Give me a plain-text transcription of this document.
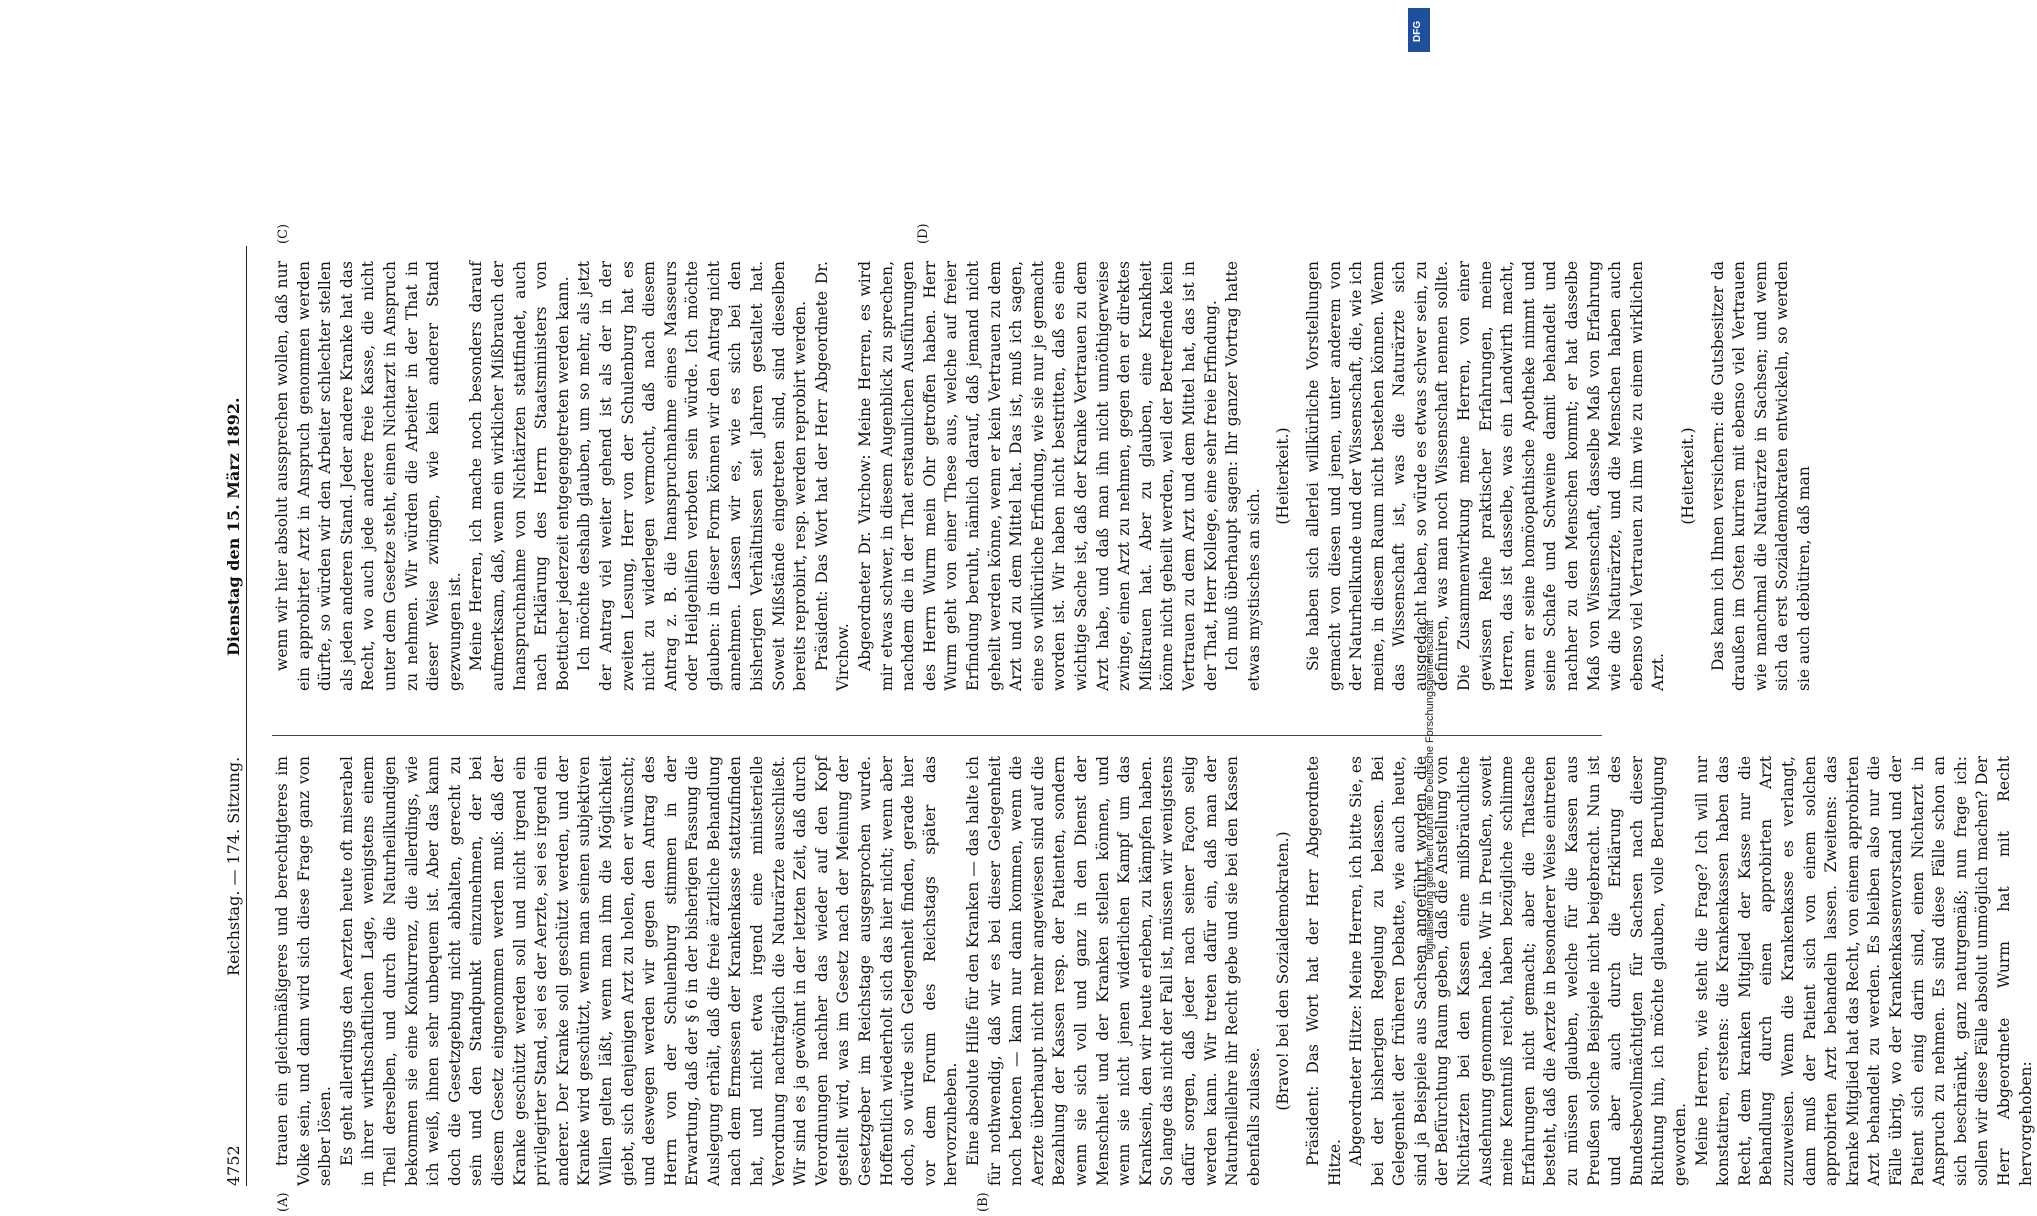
4752
Reichstag. — 174. Sitzung.
Dienstag den 15. März 1892.
(A)	(B)
(C)	(D)

trauen ein gleichmäßigeres und berechtigteres im Volke sein, und dann wird sich diese Frage ganz von selber lösen. Es geht allerdings den Aerzten heute oft miserabel in ihrer wirthschaftlichen Lage, wenigstens einem Theil derselben, und durch die Naturheilkundigen bekommen sie eine Konkurrenz, die allerdings, wie ich weiß, ihnen sehr unbequem ist. Aber das kann doch die Gesetzgebung nicht abhalten, gerecht zu sein und den Standpunkt einzunehmen, der bei diesem Gesetz eingenommen werden muß: daß der Kranke geschützt werden soll und nicht irgend ein privilegirter Stand, sei es der Aerzte, sei es irgend ein anderer. Der Kranke soll geschützt werden, und der Kranke wird geschützt, wenn man seinen subjektiven Willen gelten läßt, wenn man ihm die Möglichkeit giebt, sich denjenigen Arzt zu holen, den er wünscht; und deswegen werden wir gegen den Antrag des Herrn von der Schulenburg stimmen in der Erwartung, daß der § 6 in der bisherigen Fassung die Auslegung erhält, daß die freie ärztliche Behandlung nach dem Ermessen der Krankenkasse stattzufinden hat, und nicht etwa irgend eine ministerielle Verordnung nachträglich die Naturärzte ausschließt. Wir sind es ja gewöhnt in der letzten Zeit, daß durch Verordnungen nachher das wieder auf den Kopf gestellt wird, was im Gesetz nach der Meinung der Gesetzgeber im Reichstage ausgesprochen wurde. Hoffentlich wiederholt sich das hier nicht; wenn aber doch, so würde sich Gelegenheit finden, gerade hier vor dem Forum des Reichstags später das hervorzuheben. Eine absolute Hilfe für den Kranken — das halte ich für nothwendig, daß wir es bei dieser Gelegenheit noch betonen — kann nur dann kommen, wenn die Aerzte überhaupt nicht mehr angewiesen sind auf die Bezahlung der Kassen resp. der Patienten, sondern wenn sie sich voll und ganz in den Dienst der Menschheit und der Kranken stellen können, und wenn sie nicht jenen widerlichen Kampf um das Kranksein, den wir heute erleben, zu kämpfen haben. So lange das nicht der Fall ist, müssen wir wenigstens dafür sorgen, daß jeder nach seiner Façon selig werden kann. Wir treten dafür ein, daß man der Naturheillehre ihr Recht gebe und sie bei den Kassen ebenfalls zulasse.

(Bravo! bei den Sozialdemokraten.) Präsident: Das Wort hat der Herr Abgeordnete Hitze. Abgeordneter Hitze: Meine Herren, ich bitte Sie, es bei der bisherigen Regelung zu belassen. Bei Gelegenheit der früheren Debatte, wie auch heute, sind ja Beispiele aus Sachsen angeführt worden, die der Befürchtung Raum geben, daß die Anstellung von Nichtärzten bei den Kassen eine mißbräuchliche Ausdehnung genommen habe. Wir in Preußen, soweit meine Kenntniß reicht, haben bezügliche schlimme Erfahrungen nicht gemacht; aber die Thatsache besteht, daß die Aerzte in besonderer Weise eintreten zu müssen glauben, welche für die Kassen aus Preußen solche Beispiele nicht beigebracht. Nun ist und aber auch durch die Erklärung des Bundesbevollmächtigten für Sachsen nach dieser Richtung hin, ich möchte glauben, volle Beruhigung geworden. Meine Herren, wie steht die Frage? Ich will nur konstatiren, erstens: die Krankenkassen haben das Recht, dem kranken Mitglied der Kasse nur die Behandlung durch einen approbirten Arzt zuzuweisen. Wenn die Krankenkasse es verlangt, dann muß der Patient sich von einem solchen approbirten Arzt behandeln lassen. Zweitens: das kranke Mitglied hat das Recht, von einem approbirten Arzt behandelt zu werden. Es bleiben also nur die Fälle übrig, wo der Krankenkassenvorstand und der Patient sich einig darin sind, einen Nichtarzt in Anspruch zu nehmen. Es sind diese Fälle schon an sich beschränkt, ganz naturgemäß; nun frage ich: sollen wir diese Fälle absolut unmöglich machen? Der Herr Abgeordnete Wurm hat mit Recht hervorgehoben:

wenn wir hier absolut aussprechen wollen, daß nur ein approbirter Arzt in Anspruch genommen werden dürfte, so würden wir den Arbeiter schlechter stellen als jeden anderen Stand. Jeder andere Kranke hat das Recht, wo auch jede andere freie Kasse, die nicht unter dem Gesetze steht, einen Nichtarzt in Anspruch zu nehmen. Wir würden die Arbeiter in der That in dieser Weise zwingen, wie kein anderer Stand gezwungen ist. Meine Herren, ich mache noch besonders darauf aufmerksam, daß, wenn ein wirklicher Mißbrauch der Inanspruchnahme von Nichtärzten stattfindet, auch nach Erklärung des Herrn Staatsministers von Boetticher jederzeit entgegengetreten werden kann. Ich möchte deshalb glauben, um so mehr, als jetzt der Antrag viel weiter gehend ist als der in der zweiten Lesung, Herr von der Schulenburg hat es nicht zu widerlegen vermocht, daß nach diesem Antrag z. B. die Inanspruchnahme eines Masseurs oder Heilgehilfen verboten sein würde. Ich möchte glauben: in dieser Form können wir den Antrag nicht annehmen. Lassen wir es, wie es sich bei den bisherigen Verhältnissen seit Jahren gestaltet hat. Soweit Mißstände eingetreten sind, sind dieselben bereits reprobirt, resp. werden reprobirt werden. Präsident: Das Wort hat der Herr Abgeordnete Dr. Virchow. Abgeordneter Dr. Virchow: Meine Herren, es wird mir etwas schwer, in diesem Augenblick zu sprechen, nachdem die in der That erstaunlichen Ausführungen des Herrn Wurm mein Ohr getroffen haben. Herr Wurm geht von einer These aus, welche auf freier Erfindung beruht, nämlich darauf, daß jemand nicht geheilt werden könne, wenn er kein Vertrauen zu dem Arzt und zu dem Mittel hat. Das ist, muß ich sagen, eine so willkürliche Erfindung, wie sie nur je gemacht worden ist. Wir haben nicht bestritten, daß es eine wichtige Sache ist, daß der Kranke Vertrauen zu dem Arzt habe, und daß man ihn nicht unnöthigerweise zwinge, einen Arzt zu nehmen, gegen den er direktes Mißtrauen hat. Aber zu glauben, eine Krankheit könne nicht geheilt werden, weil der Betreffende kein Vertrauen zu dem Arzt und dem Mittel hat, das ist in der That, Herr Kollege, eine sehr freie Erfindung. Ich muß überhaupt sagen: Ihr ganzer Vortrag hatte etwas mystisches an sich.

(Heiterkeit.) Sie haben sich allerlei willkürliche Vorstellungen gemacht von diesen und jenen, unter anderem von der Naturheilkunde und der Wissenschaft, die, wie ich meine, in diesem Raum nicht bestehen können. Wenn das Wissenschaft ist, was die Naturärzte sich ausgedacht haben, so würde es etwas schwer sein, zu definiren, was man noch Wissenschaft nennen sollte. Die Zusammenwirkung meine Herren, von einer gewissen Reihe praktischer Erfahrungen, meine Herren, das ist dasselbe, was ein Landwirth macht, wenn er seine homöopathische Apotheke nimmt und seine Schafe und Schweine damit behandelt und nachher zu den Menschen kommt; er hat dasselbe Maß von Wissenschaft, dasselbe Maß von Erfahrung wie die Naturärzte, und die Menschen haben auch ebenso viel Vertrauen zu ihm wie zu einem wirklichen Arzt.

(Heiterkeit.) Das kann ich Ihnen versichern: die Gutsbesitzer da draußen im Osten kuriren mit ebenso viel Vertrauen wie manchmal die Naturärzte in Sachsen; und wenn sich da erst Sozialdemokraten entwickeln, so werden sie auch debütiren, daß man

DFG
Digitalisierung gefördert durch die Deutsche Forschungsgemeinschaft
